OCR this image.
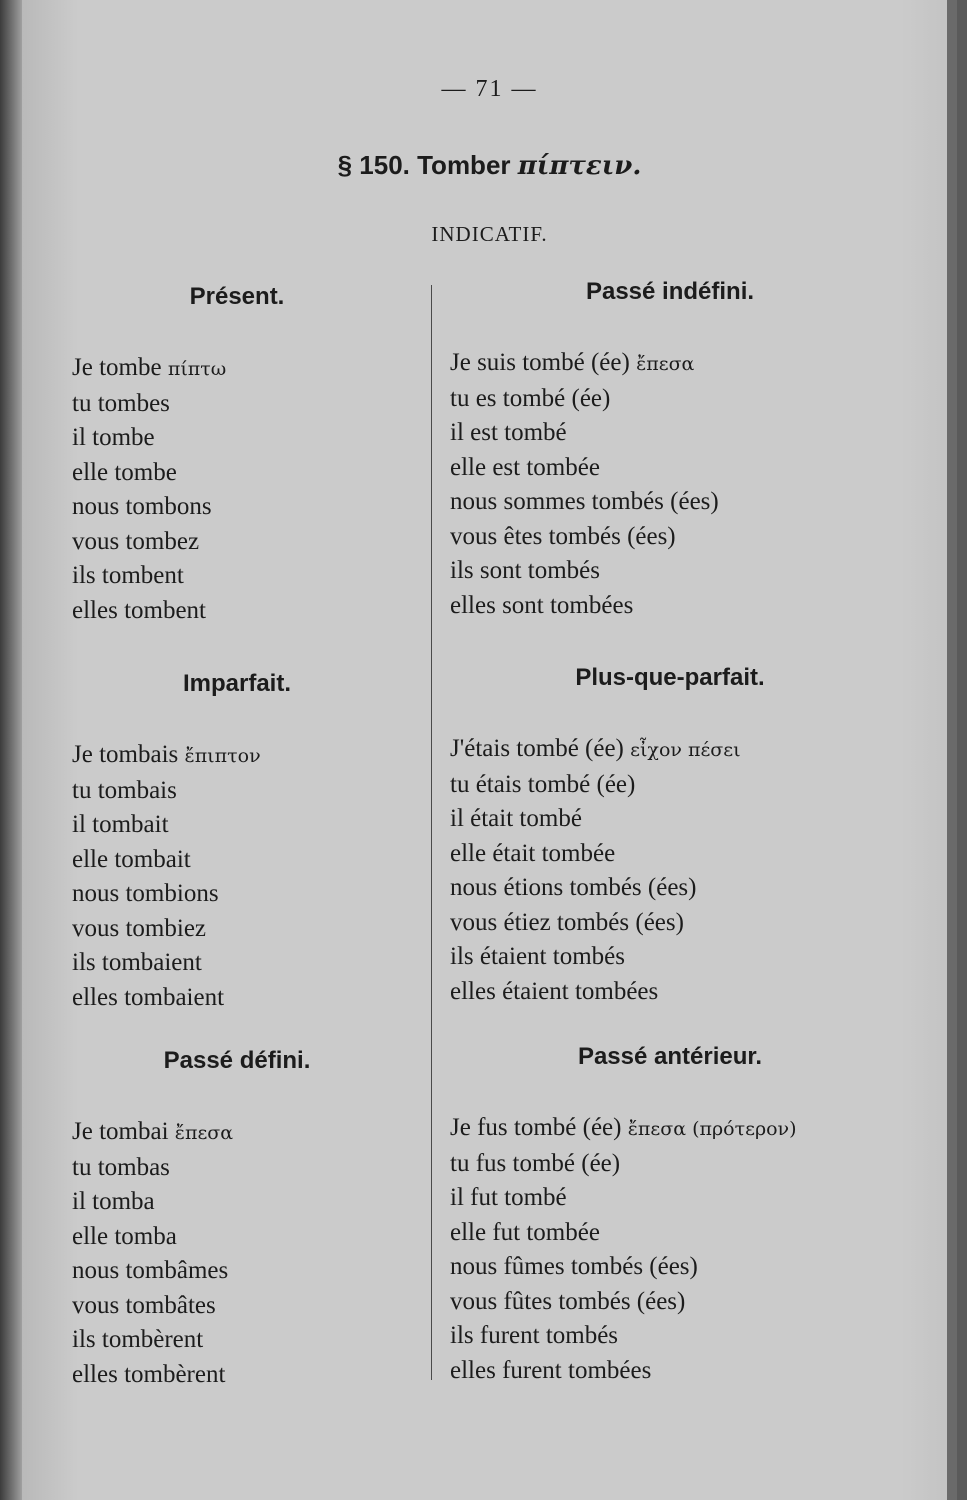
— 71 —
§ 150. Tomber πίπτειν.
INDICATIF.
Présent.
Je tombe πίπτω
tu tombes
il tombe
elle tombe
nous tombons
vous tombez
ils tombent
elles tombent
Imparfait.
Je tombais ἔπιπτον
tu tombais
il tombait
elle tombait
nous tombions
vous tombiez
ils tombaient
elles tombaient
Passé défini.
Je tombai ἔπεσα
tu tombas
il tomba
elle tomba
nous tombâmes
vous tombâtes
ils tombèrent
elles tombèrent
Passé indéfini.
Je suis tombé (ée) ἔπεσα
tu es tombé (ée)
il est tombé
elle est tombée
nous sommes tombés (ées)
vous êtes tombés (ées)
ils sont tombés
elles sont tombées
Plus-que-parfait.
J'étais tombé (ée) εἶχον πέσει
tu étais tombé (ée)
il était tombé
elle était tombée
nous étions tombés (ées)
vous étiez tombés (ées)
ils étaient tombés
elles étaient tombées
Passé antérieur.
Je fus tombé (ée) ἔπεσα (πρότερον)
tu fus tombé (ée)
il fut tombé
elle fut tombée
nous fûmes tombés (ées)
vous fûtes tombés (ées)
ils furent tombés
elles furent tombées
